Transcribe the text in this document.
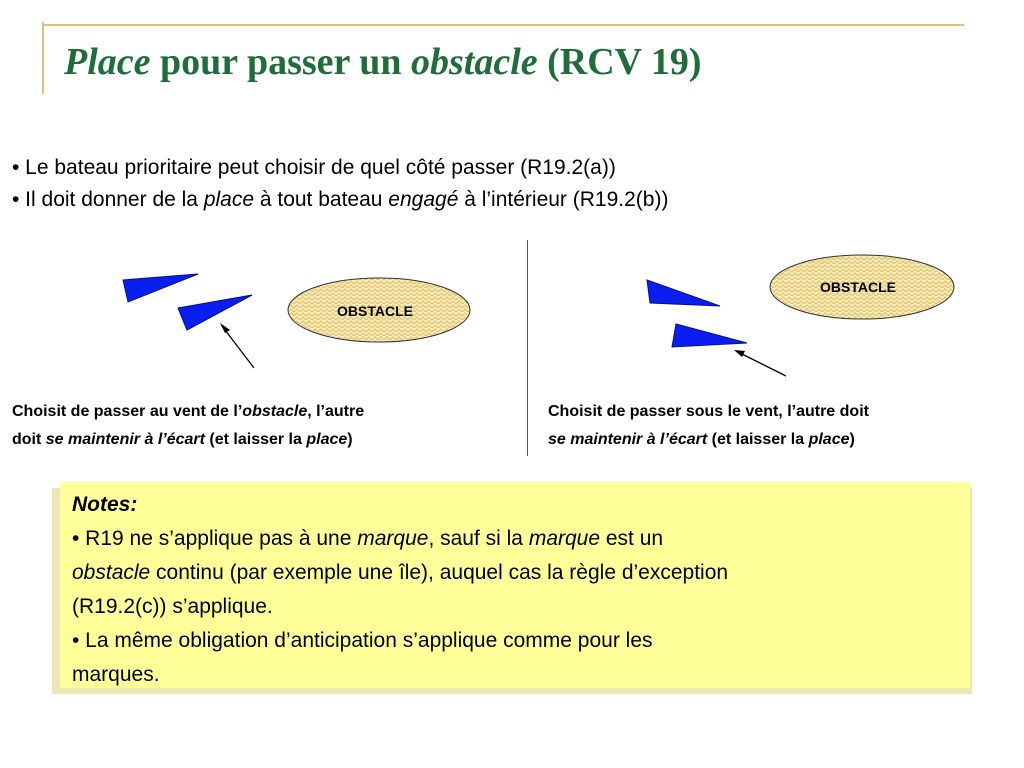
Place pour passer un obstacle (RCV 19)
• Le bateau prioritaire peut choisir de quel côté passer (R19.2(a))
• Il doit donner de la place à tout bateau engagé à l’intérieur (R19.2(b))
OBSTACLE
OBSTACLE
Choisit de passer au vent de l’obstacle, l’autre
doit se maintenir à l’écart (et laisser la place)
Choisit de passer sous le vent, l’autre doit
se maintenir à l’écart (et laisser la place)

Notes:

• R19 ne s’applique pas à une marque, sauf si la marque est un

obstacle continu (par exemple une île), auquel cas la règle d’exception

(R19.2(c)) s’applique.

• La même obligation d’anticipation s’applique comme pour les

marques.
